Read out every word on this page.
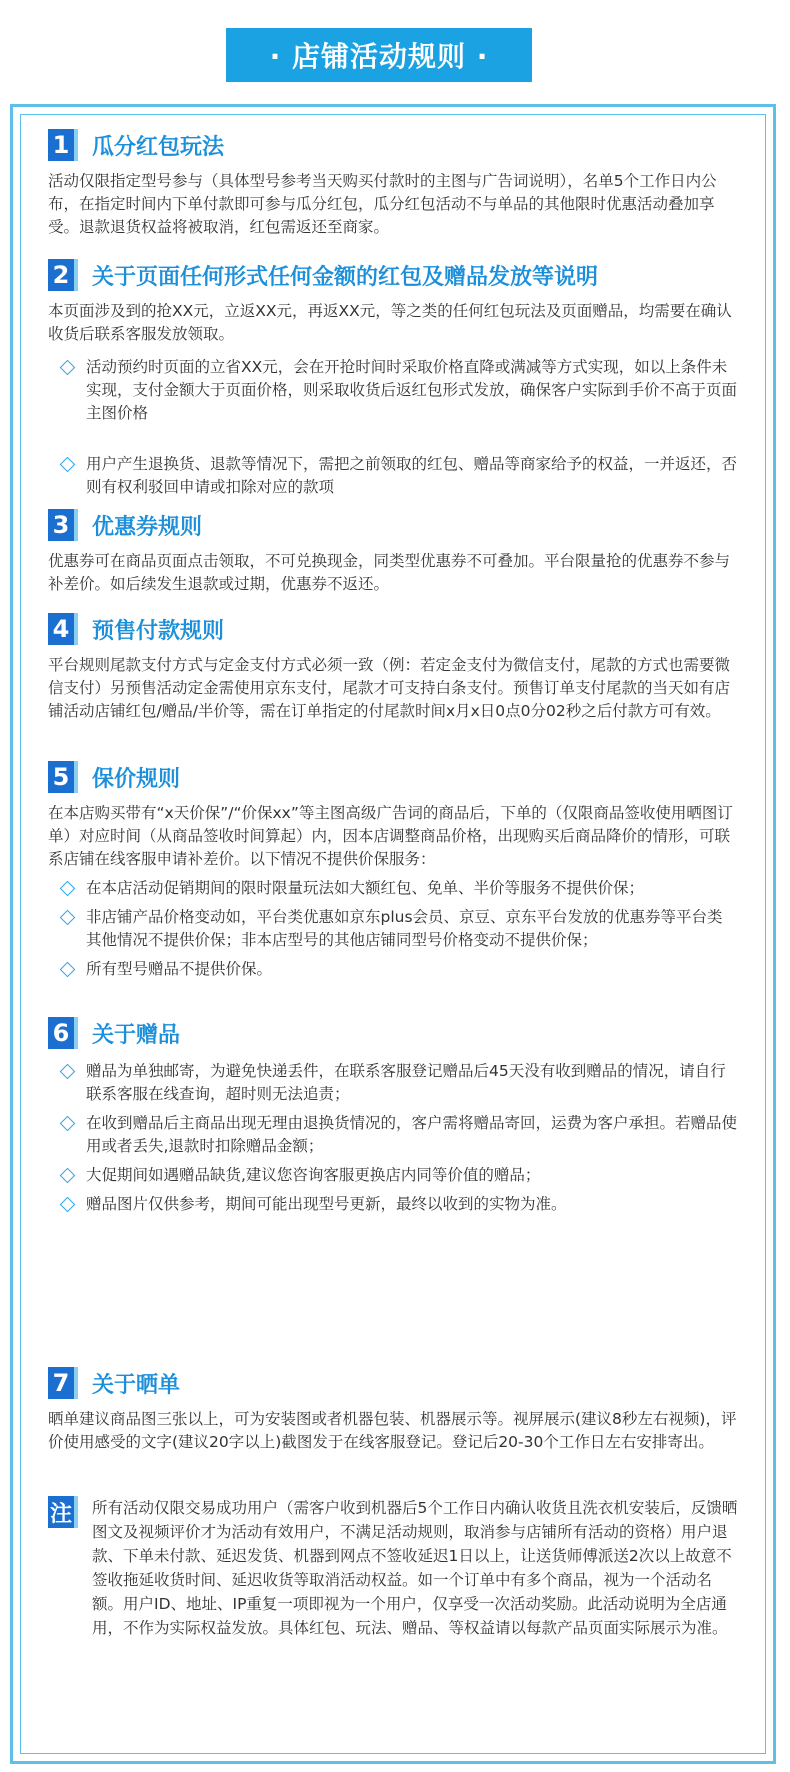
· 店铺活动规则 ·
1	瓜分红包玩法
活动仅限指定型号参与（具体型号参考当天购买付款时的主图与广告词说明），名单5个工作日内公布，在指定时间内下单付款即可参与瓜分红包，瓜分红包活动不与单品的其他限时优惠活动叠加享受。退款退货权益将被取消，红包需返还至商家。
2	关于页面任何形式任何金额的红包及赠品发放等说明
本页面涉及到的抢XX元，立返XX元，再返XX元，等之类的任何红包玩法及页面赠品，均需要在确认收货后联系客服发放领取。
活动预约时页面的立省XX元，会在开抢时间时采取价格直降或满减等方式实现，如以上条件未实现，支付金额大于页面价格，则采取收货后返红包形式发放，确保客户实际到手价不高于页面主图价格
用户产生退换货、退款等情况下，需把之前领取的红包、赠品等商家给予的权益，一并返还，否则有权利驳回申请或扣除对应的款项
3	优惠券规则
优惠券可在商品页面点击领取，不可兑换现金，同类型优惠券不可叠加。平台限量抢的优惠券不参与补差价。如后续发生退款或过期，优惠券不返还。
4	预售付款规则
平台规则尾款支付方式与定金支付方式必须一致（例：若定金支付为微信支付，尾款的方式也需要微信支付）另预售活动定金需使用京东支付，尾款才可支持白条支付。预售订单支付尾款的当天如有店铺活动店铺红包/赠品/半价等，需在订单指定的付尾款时间x月x日0点0分02秒之后付款方可有效。
5	保价规则
在本店购买带有“x天价保”/“价保xx”等主图高级广告词的商品后，下单的（仅限商品签收使用晒图订单）对应时间（从商品签收时间算起）内，因本店调整商品价格，出现购买后商品降价的情形，可联系店铺在线客服申请补差价。以下情况不提供价保服务：
在本店活动促销期间的限时限量玩法如大额红包、免单、半价等服务不提供价保；
非店铺产品价格变动如，平台类优惠如京东plus会员、京豆、京东平台发放的优惠券等平台类其他情况不提供价保；非本店型号的其他店铺同型号价格变动不提供价保；
所有型号赠品不提供价保。
6	关于赠品
赠品为单独邮寄，为避免快递丢件，在联系客服登记赠品后45天没有收到赠品的情况，请自行联系客服在线查询，超时则无法追责；
在收到赠品后主商品出现无理由退换货情况的，客户需将赠品寄回，运费为客户承担。若赠品使用或者丢失,退款时扣除赠品金额；
大促期间如遇赠品缺货,建议您咨询客服更换店内同等价值的赠品；
赠品图片仅供参考，期间可能出现型号更新，最终以收到的实物为准。
7	关于晒单
晒单建议商品图三张以上，可为安装图或者机器包装、机器展示等。视屏展示(建议8秒左右视频)，评价使用感受的文字(建议20字以上)截图发于在线客服登记。登记后20-30个工作日左右安排寄出。
注	所有活动仅限交易成功用户（需客户收到机器后5个工作日内确认收货且洗衣机安装后，反馈晒图文及视频评价才为活动有效用户，不满足活动规则，取消参与店铺所有活动的资格）用户退款、下单未付款、延迟发货、机器到网点不签收延迟1日以上，让送货师傅派送2次以上故意不签收拖延收货时间、延迟收货等取消活动权益。如一个订单中有多个商品，视为一个活动名额。用户ID、地址、IP重复一项即视为一个用户，仅享受一次活动奖励。此活动说明为全店通用，不作为实际权益发放。具体红包、玩法、赠品、等权益请以每款产品页面实际展示为准。
